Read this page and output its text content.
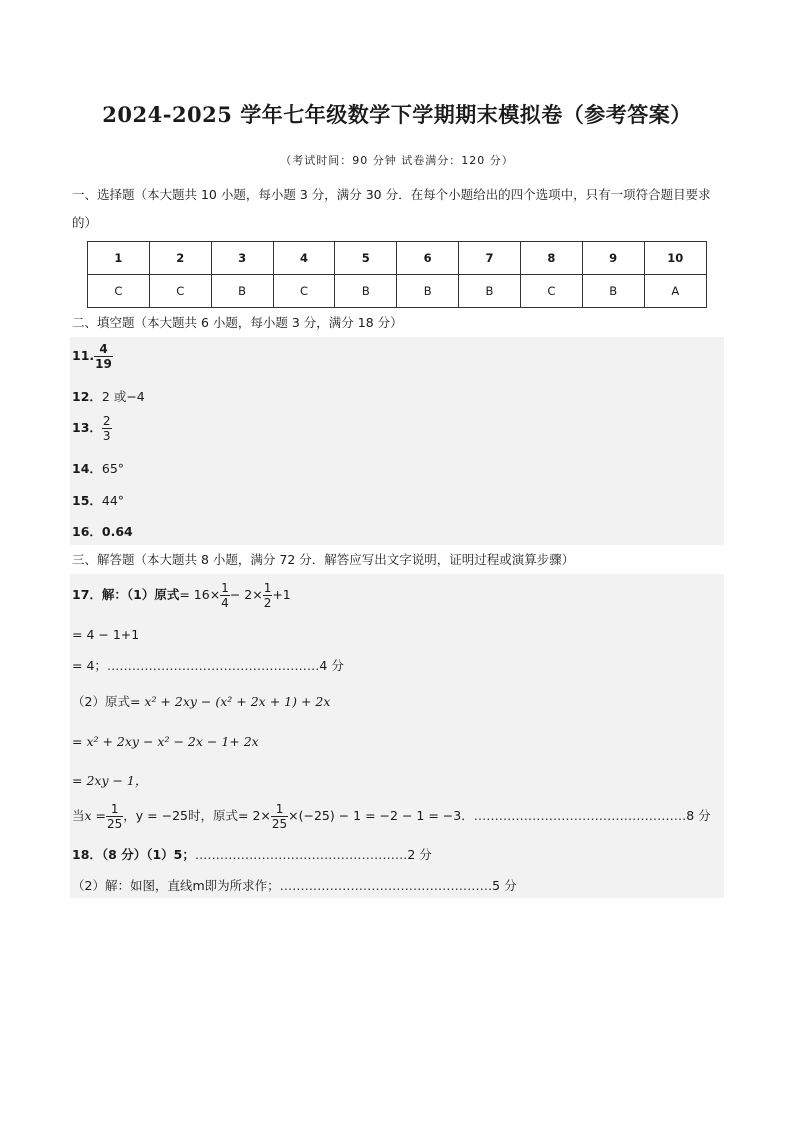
2024-2025 学年七年级数学下学期期末模拟卷（参考答案）
（考试时间：90 分钟 试卷满分：120 分）
一、选择题（本大题共 10 小题，每小题 3 分，满分 30 分．在每个小题给出的四个选项中，只有一项符合题目要求的）
1	2	3	4	5	6	7	8	9	10
C	C	B	C	B	B	B	C	B	A
二、填空题（本大题共 6 小题，每小题 3 分，满分 18 分）
11. $\frac{4}{19}$
12．2 或−4
13． $\frac{2}{3}$
14．65°
15．44°
16．0.64
三、解答题（本大题共 8 小题，满分 72 分．解答应写出文字说明，证明过程或演算步骤）
17．解：（1）原式= $16\times \frac{1}{4} - 2\times \frac{1}{2} +1$
= 4 − 1+1
= 4；……………………………………………4 分
（2）原式= x² + 2xy − (x² + 2x + 1) + 2x
= x² + 2xy − x² − 2x − 1+ 2x
= 2xy − 1，
当$x = \frac{1}{25}$ ，y = −25时，原式= $2\times \frac{1}{25} \times(-25) - 1 = -2 - 1 = -3$．……………………………………………8 分
18．（8 分）（1）5；……………………………………………2 分
（2）解：如图，直线m即为所求作；……………………………………………5 分
